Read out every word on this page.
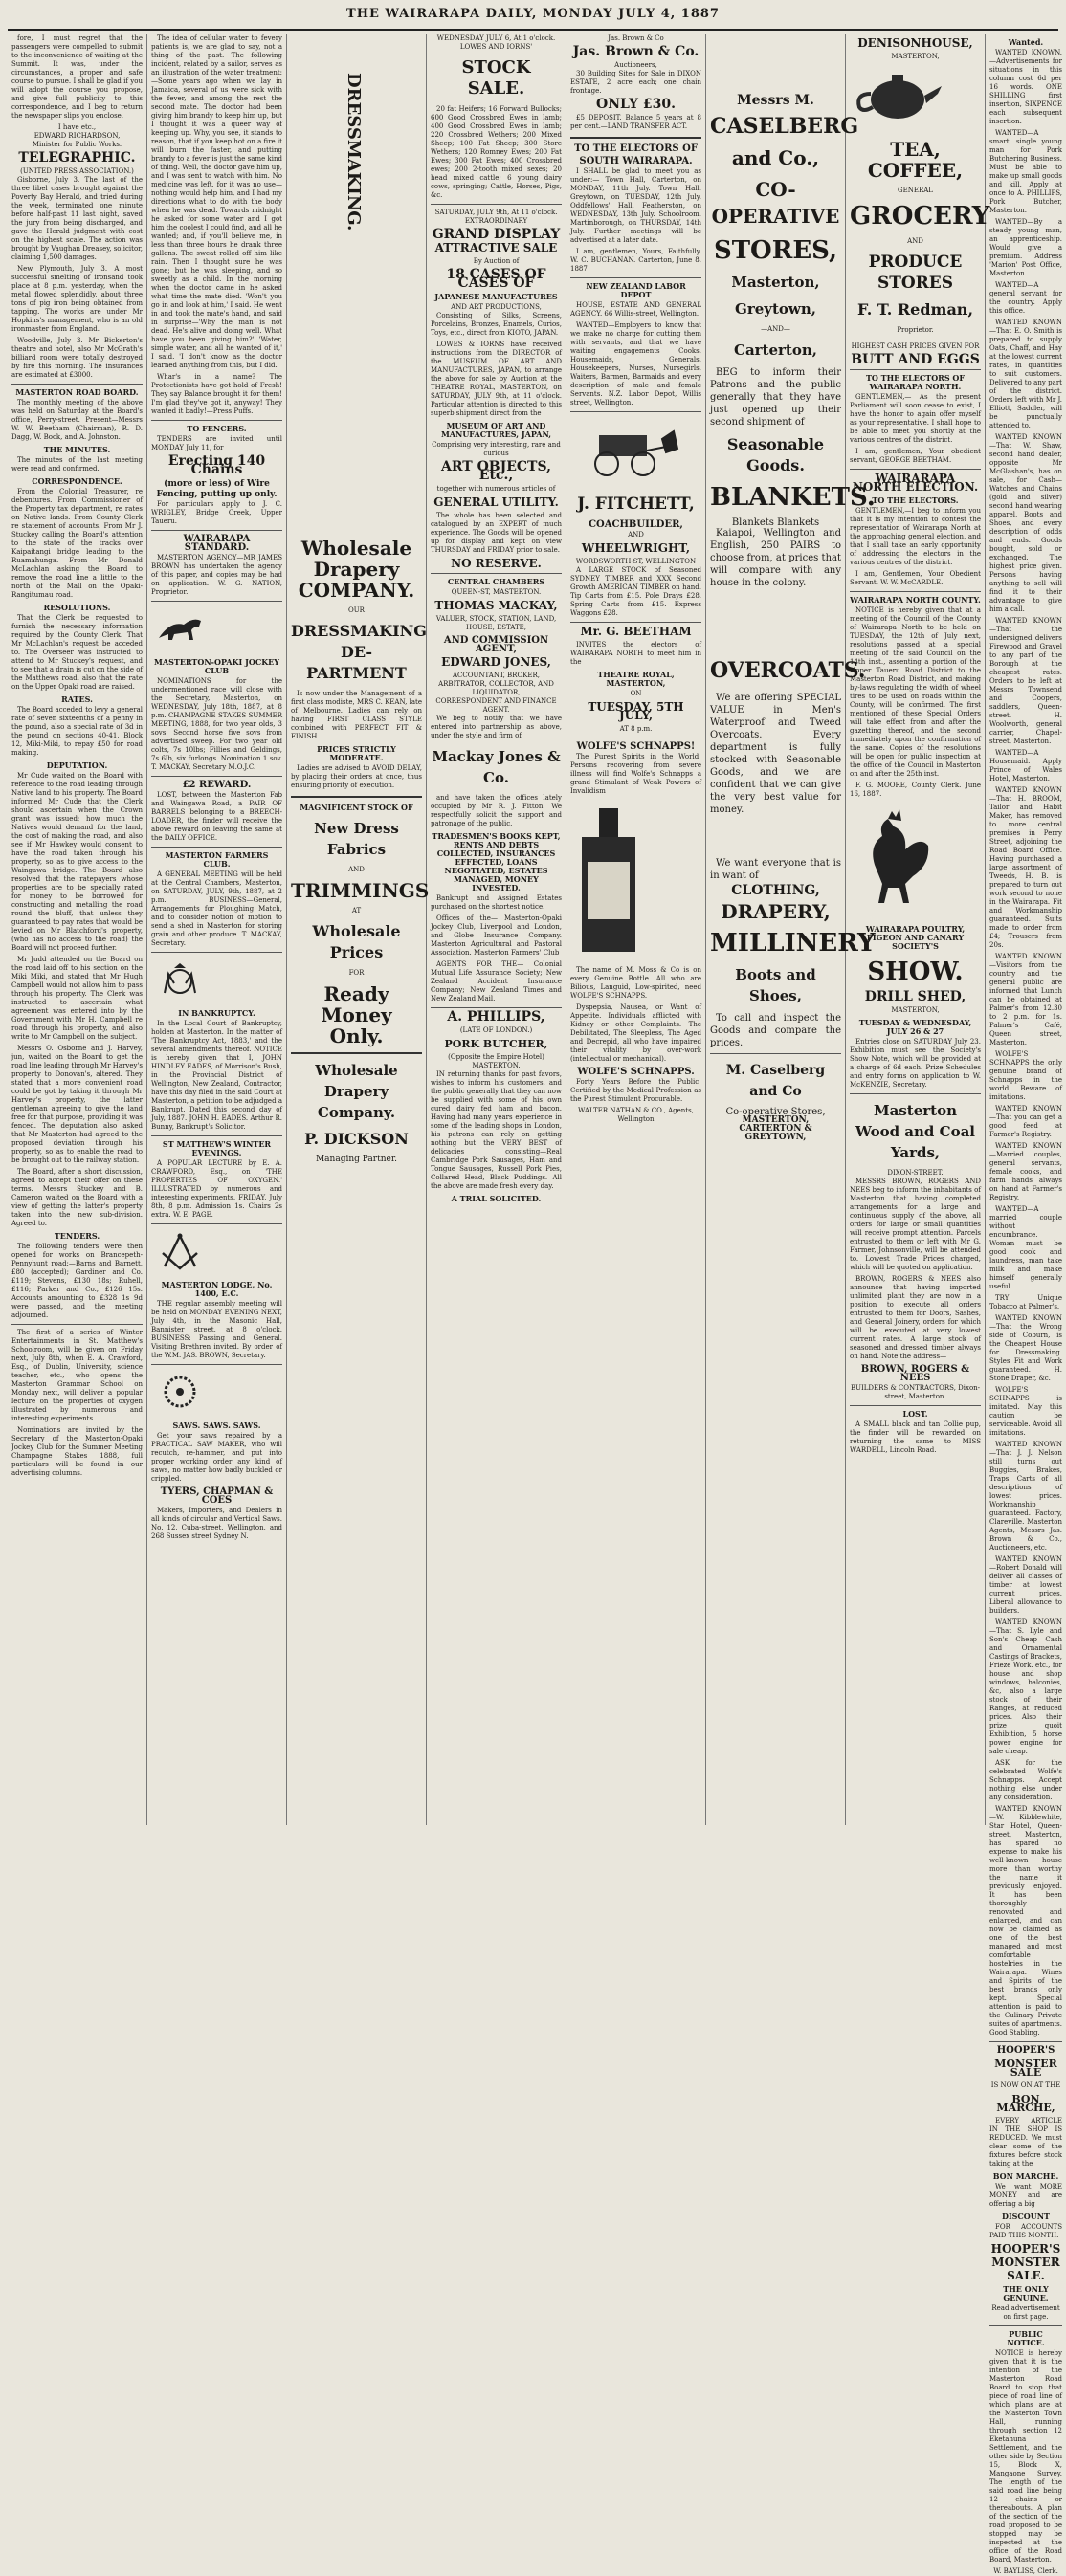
THE WAIRARAPA DAILY, MONDAY JULY 4, 1887

fore, I must regret that the passengers were compelled to submit to the inconvenience of waiting at the Summit. It was, under the circumstances, a proper and safe course to pursue. I shall be glad if you will adopt the course you propose, and give full publicity to this correspondence, and I beg to return the newspaper slips you enclose.

I have etc.,
EDWARD RICHARDSON,
Minister for Public Works.
TELEGRAPHIC.
(UNITED PRESS ASSOCIATION.)

Gisborne, July 3. The last of the three libel cases brought against the Poverty Bay Herald, and tried during the week, terminated one minute before half-past 11 last night, saved the jury from being discharged, and gave the Herald judgment with cost on the highest scale. The action was brought by Vaughan Dreasey, solicitor, claiming 1,500 damages.

New Plymouth, July 3. A most successful smelting of ironsand took place at 8 p.m. yesterday, when the metal flowed splendidly, about three tons of pig iron being obtained from tapping. The works are under Mr Hopkins's management, who is an old ironmaster from England.

Woodville, July 3. Mr Bickerton's theatre and hotel, also Mr McGrath's billiard room were totally destroyed by fire this morning. The insurances are estimated at £3000.

MASTERTON ROAD BOARD.

The monthly meeting of the above was held on Saturday at the Board's office, Perry-street. Present—Messrs W. W. Beetham (Chairman), R. D. Dagg, W. Bock, and A. Johnston.

THE MINUTES.

The minutes of the last meeting were read and confirmed.

CORRESPONDENCE.

From the Colonial Treasurer, re debentures. From Commissioner of the Property tax department, re rates on Native lands. From County Clerk re statement of accounts. From Mr J. Stuckey calling the Board's attention to the state of the tracks over Kaipaitangi bridge leading to the Ruamahunga. From Mr Donald McLachlan asking the Board to remove the road line a little to the north of the Mall on the Opaki-Rangitumau road.

RESOLUTIONS.

That the Clerk be requested to furnish the necessary information required by the County Clerk. That Mr McLachlan's request be acceded to. The Overseer was instructed to attend to Mr Stuckey's request, and to see that a drain is cut on the side of the Matthews road, also that the rate on the Upper Opaki road are raised.

RATES.

The Board acceded to levy a general rate of seven sixteenths of a penny in the pound, also a special rate of 3d in the pound on sections 40-41, Block 12, Miki-Miki, to repay £50 for road making.

DEPUTATION.

Mr Cude waited on the Board with reference to the road leading through Native land to his property. The Board informed Mr Cude that the Clerk should ascertain when the Crown grant was issued; how much the Natives would demand for the land, the cost of making the road, and also see if Mr Hawkey would consent to have the road taken through his property, so as to give access to the Waingawa bridge. The Board also resolved that the ratepayers whose properties are to be specially rated for money to be borrowed for constructing and metalling the road round the bluff, that unless they guaranteed to pay rates that would be levied on Mr Blatchford's property, (who has no access to the road) the Board will not proceed further.

Mr Judd attended on the Board on the road laid off to his section on the Miki Miki, and stated that Mr Hugh Campbell would not allow him to pass through his property. The Clerk was instructed to ascertain what agreement was entered into by the Government with Mr H. Campbell re road through his property, and also write to Mr Campbell on the subject.

Messrs O. Osborne and J. Harvey, jun, waited on the Board to get the road line leading through Mr Harvey's property to Donovan's, altered. They stated that a more convenient road could be got by taking it through Mr Harvey's property, the latter gentleman agreeing to give the land free for that purpose, providing it was fenced. The deputation also asked that Mr Masterton had agreed to the proposed deviation through his property, so as to enable the road to be brought out to the railway station.

The Board, after a short discussion, agreed to accept their offer on these terms. Messrs Stuckey and B. Cameron waited on the Board with a view of getting the latter's property taken into the new sub-division. Agreed to.

TENDERS.

The following tenders were then opened for works on Brancepeth-Pennyhunt road:—Barns and Barnett, £80 (accepted); Gardiner and Co. £119; Stevens, £130 18s; Ruhell, £116; Parker and Co., £126 15s. Accounts amounting to £328 1s 9d were passed, and the meeting adjourned.

The first of a series of Winter Entertainments in St. Matthew's Schoolroom, will be given on Friday next, July 8th, when E. A. Crawford, Esq., of Dublin, University, science teacher, etc., who opens the Masterton Grammar School on Monday next, will deliver a popular lecture on the properties of oxygen illustrated by numerous and interesting experiments.

Nominations are invited by the Secretary of the Masterton-Opaki Jockey Club for the Summer Meeting Champagne Stakes 1888, full particulars will be found in our advertising columns.

The idea of cellular water to fevery patients is, we are glad to say, not a thing of the past. The following incident, related by a sailor, serves as an illustration of the water treatment:—Some years ago when we lay in Jamaica, several of us were sick with the fever, and among the rest the second mate. The doctor had been giving him brandy to keep him up, but I thought it was a queer way of keeping up. Why, you see, it stands to reason, that if you keep hot on a fire it will burn the faster, and putting brandy to a fever is just the same kind of thing. Well, the doctor gave him up, and I was sent to watch with him. No medicine was left, for it was no use—nothing would help him, and I had my directions what to do with the body when he was dead. Towards midnight he asked for some water and I got him the coolest I could find, and all he wanted; and, if you'll believe me, in less than three hours he drank three gallons. The sweat rolled off him like rain. Then I thought sure he was gone; but he was sleeping, and so sweetly as a child. In the morning when the doctor came in he asked what time the mate died. 'Won't you go in and look at him,' I said. He went in and took the mate's hand, and said in surprise—'Why the man is not dead. He's alive and doing well. What have you been giving him?' 'Water, simple water, and all he wanted of it,' I said. 'I don't know as the doctor learned anything from this, but I did.'

Whar's in a name? The Protectionists have got hold of Fresh! They say Balance brought it for them! I'm glad they've got it, anyway! They wanted it badly!—Press Puffs.

TO FENCERS.

TENDERS are invited until MONDAY July 11, for

Erecting 140 Chains
(more or less) of Wire Fencing, putting up only.

For particulars apply to J. C. WRIGLEY, Bridge Creek, Upper Taueru.

WAIRARAPA STANDARD.

MASTERTON AGENCY—MR JAMES BROWN has undertaken the agency of this paper, and copies may be had on application. W. G. NATION, Proprietor.

MASTERTON-OPAKI JOCKEY CLUB

NOMINATIONS for the undermentioned race will close with the Secretary, Masterton, on WEDNESDAY, July 18th, 1887, at 8 p.m. CHAMPAGNE STAKES SUMMER MEETING, 1888, for two year olds, 3 sovs. Second horse five sovs from advertised sweep. For two year old colts, 7s 10lbs; Fillies and Geldings, 7s 6lb, six furlongs. Nomination 1 sov. T. MACKAY, Secretary M.O.J.C.

£2 REWARD.

LOST, between the Masterton Fab and Waingawa Road, a PAIR OF BARRELS belonging to a BREECH-LOADER, the finder will receive the above reward on leaving the same at the DAILY OFFICE.

MASTERTON FARMERS CLUB.

A GENERAL MEETING will be held at the Central Chambers, Masterton, on SATURDAY, JULY, 9th, 1887, at 2 p.m. BUSINESS—General, Arrangements for Ploughing Match, and to consider notion of motion to send a shed in Masterton for storing grain and other produce. T. MACKAY, Secretary.

IN BANKRUPTCY.

In the Local Court of Bankruptcy, holden at Masterton. In the matter of 'The Bankruptcy Act, 1883,' and the several amendments thereof. NOTICE is hereby given that I, JOHN HINDLEY EADES, of Morrison's Bush, in the Provincial District of Wellington, New Zealand, Contractor, have this day filed in the said Court at Masterton, a petition to be adjudged a Bankrupt. Dated this second day of July, 1887. JOHN H. EADES. Arthur R. Bunny, Bankrupt's Solicitor.

ST MATTHEW'S WINTER EVENINGS.

A POPULAR LECTURE by E. A. CRAWFORD, Esq., on 'THE PROPERTIES OF OXYGEN.' ILLUSTRATED by numerous and interesting experiments. FRIDAY, July 8th, 8 p.m. Admission 1s. Chairs 2s extra. W. E. PAGE.

MASTERTON LODGE, No. 1400, E.C.

THE regular assembly meeting will be held on MONDAY EVENING NEXT, July 4th, in the Masonic Hall, Bannister street, at 8 o'clock. BUSINESS: Passing and General. Visiting Brethren invited. By order of the W.M. JAS. BROWN, Secretary.

SAWS. SAWS. SAWS.

Get your saws repaired by a PRACTICAL SAW MAKER, who will recutch, re-hammer, and put into proper working order any kind of saws, no matter how badly buckled or crippled.

TYERS, CHAPMAN & COES

Makers, Importers, and Dealers in all kinds of circular and Vertical Saws. No. 12, Cuba-street, Wellington, and 268 Sussex street Sydney N.

DRESSMAKING.
Wholesale Drapery COMPANY.
OUR
DRESSMAKING DE-PARTMENT

Is now under the Management of a first class modiste, MRS C. KEAN, late of Melbourne. Ladies can rely on having FIRST CLASS STYLE combined with PERFECT FIT & FINISH

PRICES STRICTLY MODERATE.

Ladies are advised to AVOID DELAY, by placing their orders at once, thus ensuring priority of execution.

MAGNIFICENT STOCK OF
New Dress Fabrics
AND
TRIMMINGS
AT
Wholesale Prices
FOR
Ready Money Only.
Wholesale Drapery Company.
P. DICKSON
Managing Partner.
WEDNESDAY JULY 6, At 1 o'clock.
LOWES AND IORNS'
STOCK SALE.

20 fat Heifers; 16 Forward Bullocks; 600 Good Crossbred Ewes in lamb; 400 Good Crossbred Ewes in lamb; 220 Crossbred Wethers; 200 Mixed Sheep; 100 Fat Sheep; 300 Store Wethers; 120 Romney Ewes; 200 Fat Ewes; 300 Fat Ewes; 400 Crossbred ewes; 200 2-tooth mixed sexes; 20 head mixed cattle; 6 young dairy cows, springing; Cattle, Horses, Pigs, &c.

SATURDAY, JULY 9th, At 11 o'clock.
EXTRAORDINARY
GRAND DISPLAY
ATTRACTIVE SALE
By Auction of
18 CASES OF CASES OF
JAPANESE MANUFACTURES
AND ART PRODUCTIONS,

Consisting of Silks, Screens, Porcelains, Bronzes, Enamels, Curios, Toys, etc., direct from KIOTO, JAPAN.

LOWES & IORNS have received instructions from the DIRECTOR of the MUSEUM OF ART AND MANUFACTURES, JAPAN, to arrange the above for sale by Auction at the THEATRE ROYAL, MASTERTON, on SATURDAY, JULY 9th, at 11 o'clock. Particular attention is directed to this superb shipment direct from the

MUSEUM OF ART AND MANUFACTURES, JAPAN,
Comprising very interesting, rare and curious
ART OBJECTS, Etc.,
together with numerous articles of
GENERAL UTILITY.

The whole has been selected and catalogued by an EXPERT of much experience. The Goods will be opened up for display and kept on view THURSDAY and FRIDAY prior to sale.

NO RESERVE.
CENTRAL CHAMBERS
QUEEN-ST, MASTERTON.
THOMAS MACKAY,
VALUER, STOCK, STATION, LAND, HOUSE, ESTATE,
AND COMMISSION AGENT,
EDWARD JONES,
ACCOUNTANT, BROKER, ARBITRATOR, COLLECTOR, AND LIQUIDATOR,
CORRESPONDENT AND FINANCE AGENT.

We beg to notify that we have entered into partnership as above, under the style and firm of

Mackay Jones & Co.

and have taken the offices lately occupied by Mr R. J. Fitton. We respectfully solicit the support and patronage of the public.

TRADESMEN'S BOOKS KEPT, RENTS AND DEBTS COLLECTED, INSURANCES EFFECTED, LOANS NEGOTIATED, ESTATES MANAGED, MONEY INVESTED.

Bankrupt and Assigned Estates purchased on the shortest notice.

Offices of the— Masterton-Opaki Jockey Club, Liverpool and London, and Globe Insurance Company. Masterton Agricultural and Pastoral Association. Masterton Farmers' Club

AGENTS FOR THE— Colonial Mutual Life Assurance Society; New Zealand Accident Insurance Company; New Zealand Times and New Zealand Mail.

A. PHILLIPS,
(LATE OF LONDON.)
PORK BUTCHER,
(Opposite the Empire Hotel)
MASTERTON.

IN returning thanks for past favors, wishes to inform his customers, and the public generally that they can now be supplied with some of his own cured dairy fed ham and bacon. Having had many years experience in some of the leading shops in London, his patrons can rely on getting nothing but the VERY BEST of delicacies consisting—Real Cambridge Pork Sausages, Ham and Tongue Sausages, Russell Pork Pies, Collared Head, Black Puddings. All the above are made fresh every day.

A TRIAL SOLICITED.
Jas. Brown & Co
Jas. Brown & Co.
Auctioneers,

30 Building Sites for Sale in DIXON ESTATE, 2 acre each; one chain frontage.

ONLY £30.

£5 DEPOSIT. Balance 5 years at 8 per cent.—LAND TRANSFER ACT.

TO THE ELECTORS OF
SOUTH WAIRARAPA.

I SHALL be glad to meet you as under:— Town Hall, Carterton, on MONDAY, 11th July. Town Hall, Greytown, on TUESDAY, 12th July. Oddfellows' Hall, Featherston, on WEDNESDAY, 13th July. Schoolroom, Martinborough, on THURSDAY, 14th July. Further meetings will be advertised at a later date.

I am, gentlemen, Yours, Faithfully, W. C. BUCHANAN. Carterton, June 8, 1887

NEW ZEALAND LABOR DEPOT

HOUSE, ESTATE AND GENERAL AGENCY. 66 Willis-street, Wellington.

WANTED—Employers to know that we make no charge for cutting them with servants, and that we have waiting engagements Cooks, Housemaids, Generals, Housekeepers, Nurses, Nursegirls, Waiters, Barmen, Barmaids and every description of male and female Servants. N.Z. Labor Depot, Willis street, Wellington.

J. FITCHETT,
COACHBUILDER,
AND
WHEELWRIGHT,
WORDSWORTH-ST, WELLINGTON

A LARGE STOCK of Seasoned SYDNEY TIMBER and XXX Second Growth AMERICAN TIMBER on hand. Tip Carts from £15. Pole Drays £28. Spring Carts from £15. Express Waggons £28.

Mr. G. BEETHAM

INVITES the electors of WAIRARAPA NORTH to meet him in the

THEATRE ROYAL, MASTERTON,
ON
TUESDAY, 5TH JULY,
AT 8 p.m.
WOLFE'S SCHNAPPS!

The Purest Spirits in the World! Persons recovering from severe illness will find Wolfe's Schnapps a grand Stimulant of Weak Powers of Invalidism

The name of M. Moss & Co is on every Genuine Bottle. All who are Bilious, Languid, Low-spirited, need WOLFE'S SCHNAPPS.

Dyspepsia, Nausea, or Want of Appetite. Individuals afflicted with Kidney or other Complaints. The Debilitated, The Sleepless, The Aged and Decrepid, all who have impaired their vitality by over-work (intellectual or mechanical).

WOLFE'S SCHNAPPS.

Forty Years Before the Public! Certified by the Medical Profession as the Purest Stimulant Procurable.

WALTER NATHAN & CO., Agents, Wellington
Messrs M.
CASELBERG
and Co.,
CO-OPERATIVE
STORES,
Masterton,
Greytown,
—AND—
Carterton,

BEG to inform their Patrons and the public generally that they have just opened up their second shipment of

Seasonable Goods.
BLANKETS.
Blankets Blankets

Kaiapoi, Wellington and English, 250 PAIRS to choose from, at prices that will compare with any house in the colony.

OVERCOATS.

We are offering SPECIAL VALUE in Men's Waterproof and Tweed Overcoats. Every department is fully stocked with Seasonable Goods, and we are confident that we can give the very best value for money.

We want everyone that is in want of

CLOTHING,
DRAPERY,
MILLINERY
Boots and Shoes,

To call and inspect the Goods and compare the prices.

M. Caselberg and Co
Co-operative Stores,
MASTERTON, CARTERTON & GREYTOWN,
DENISONHOUSE,
MASTERTON,
TEA, COFFEE,
GENERAL
GROCERY
AND
PRODUCE STORES
F. T. Redman,
Proprietor.
HIGHEST CASH PRICES GIVEN FOR
BUTT AND EGGS
TO THE ELECTORS OF WAIRARAPA NORTH.

GENTLEMEN,— As the present Parliament will soon cease to exist, I have the honor to again offer myself as your representative. I shall hope to be able to meet you shortly at the various centres of the district.

I am, gentlemen, Your obedient servant, GEORGE BEETHAM.

WAIRARAPA NORTH ELECTION.
TO THE ELECTORS.

GENTLEMEN,—I beg to inform you that it is my intention to contest the representation of Wairarapa North at the approaching general election, and that I shall take an early opportunity of addressing the electors in the various centres of the district.

I am, Gentlemen, Your Obedient Servant, W. W. McCARDLE.

WAIRARAPA NORTH COUNTY.

NOTICE is hereby given that at a meeting of the Council of the County of Wairarapa North to be held on TUESDAY, the 12th of July next, resolutions passed at a special meeting of the said Council on the 14th inst., assenting a portion of the Upper Taueru Road District to the Masterton Road District, and making by-laws regulating the width of wheel tires to be used on roads within the County, will be confirmed. The first mentioned of these Special Orders will take effect from and after the gazetting thereof, and the second immediately upon the confirmation of the same. Copies of the resolutions will be open for public inspection at the office of the Council in Masterton on and after the 25th inst.

F. G. MOORE, County Clerk. June 16, 1887.

WAIRARAPA POULTRY, PIGEON AND CANARY SOCIETY'S
SHOW.
DRILL SHED,
MASTERTON,
TUESDAY & WEDNESDAY, JULY 26 & 27

Entries close on SATURDAY July 23. Exhibition must see the Society's Show Note, which will be provided at a charge of 6d each. Prize Schedules and entry forms on application to W. McKENZIE, Secretary.

Masterton Wood and Coal Yards,
DIXON-STREET.

MESSRS BROWN, ROGERS AND NEES beg to inform the inhabitants of Masterton that having completed arrangements for a large and continuous supply of the above, all orders for large or small quantities will receive prompt attention. Parcels entrusted to them or left with Mr G. Farmer, Johnsonville, will be attended to. Lowest Trade Prices charged, which will be quoted on application.

BROWN, ROGERS & NEES also announce that having imported unlimited plant they are now in a position to execute all orders entrusted to them for Doors, Sashes, and General Joinery, orders for which will be executed at very lowest current rates. A large stock of seasoned and dressed timber always on hand. Note the address—

BROWN, ROGERS & NEES
BUILDERS & CONTRACTORS, Dixon-street, Masterton.
LOST.

A SMALL black and tan Collie pup, the finder will be rewarded on returning the same to MISS WARDELL, Lincoln Road.

Wanted.

WANTED KNOWN.—Advertisements for situations in this column cost 6d per 16 words. ONE SHILLING first insertion, SIXPENCE each subsequent insertion.

WANTED—A smart, single young man for Pork Butchering Business. Must be able to make up small goods and kill. Apply at once to A. PHILLIPS, Pork Butcher, Masterton.

WANTED—By a steady young man, an apprenticeship. Would give a premium. Address 'Marion' Post Office, Masterton.

WANTED—A general servant for the country. Apply this office.

WANTED KNOWN—That E. O. Smith is prepared to supply Oats, Chaff, and Hay at the lowest current rates, in quantities to suit customers. Delivered to any part of the district. Orders left with Mr J. Elliott, Saddler, will be punctually attended to.

WANTED KNOWN—That W. Shaw, second hand dealer, opposite Mr McGlashan's, has on sale, for Cash—Watches and Chains (gold and silver) second hand wearing apparel, Boots and Shoes, and every description of odds and ends. Goods bought, sold or exchanged. The highest price given. Persons having anything to sell will find it to their advantage to give him a call.

WANTED KNOWN—That the undersigned delivers Firewood and Gravel to any part of the Borough at the cheapest rates. Orders to be left at Messrs Townsend and Coopers, saddlers, Queen-street. H. Woolworth, general carrier, Chapel-street, Masterton.

WANTED—A Housemaid. Apply Prince of Wales Hotel, Masterton.

WANTED KNOWN—That H. BROOM, Tailor and Habit Maker, has removed to more central premises in Perry Street, adjoining the Road Board Office. Having purchased a large assortment of Tweeds, H. B. is prepared to turn out work second to none in the Wairarapa. Fit and Workmanship guaranteed. Suits made to order from £4; Trousers from 20s.

WANTED KNOWN—Visitors from the country and the general public are informed that Lunch can be obtained at Palmer's from 12.30 to 2 p.m. for 1s. Palmer's Café, Queen street, Masterton.

WOLFE'S SCHNAPPS the only genuine brand of Schnapps in the world. Beware of imitations.

WANTED KNOWN—That you can get a good feed at Farmer's Registry.

WANTED KNOWN—Married couples, general servants, female cooks, and farm hands always on hand at Farmer's Registry.

WANTED—A married couple without encumbrance. Woman must be good cook and laundress, man take milk and make himself generally useful.

TRY Unique Tobacco at Palmer's.

WANTED KNOWN—That the Wrong side of Coburn, is the Cheapest House for Dressmaking. Styles Fit and Work guaranteed. H. Stone Draper, &c.

WOLFE'S SCHNAPPS is imitated. May this caution be serviceable. Avoid all imitations.

WANTED KNOWN—That J. J. Nelson still turns out Buggies, Brakes, Traps. Carts of all descriptions of lowest prices. Workmanship guaranteed. Factory, Clareville. Masterton Agents, Messrs Jas. Brown & Co., Auctioneers, etc.

WANTED KNOWN—Robert Donald will deliver all classes of timber at lowest current prices. Liberal allowance to builders.

WANTED KNOWN—That S. Lyle and Son's Cheap Cash and Ornamental Castings of Brackets, Frieze Work. etc., for house and shop windows, balconies, &c, also a large stock of their Ranges, at reduced prices. Also their prize quoit Exhibition, 5 horse power engine for sale cheap.

ASK for the celebrated Wolfe's Schnapps. Accept nothing else under any consideration.

WANTED KNOWN—W. Kibblewhite, Star Hotel, Queen-street, Masterton, has spared no expense to make his well-known house more than worthy the name it previously enjoyed. It has been thoroughly renovated and enlarged, and can now be claimed as one of the best managed and most comfortable hostelries in the Wairarapa. Wines and Spirits of the best brands only kept. Special attention is paid to the Culinary Private suites of apartments. Good Stabling.

HOOPER'S
MONSTER SALE
IS NOW ON AT THE
BON MARCHE,

EVERY ARTICLE IN THE SHOP IS REDUCED. We must clear some of the fixtures before stock taking at the

BON MARCHE.

We want MORE MONEY and are offering a big

DISCOUNT

FOR ACCOUNTS PAID THIS MONTH.

HOOPER'S
MONSTER
SALE.
THE ONLY GENUINE.
Read advertisement on first page.
PUBLIC NOTICE.

NOTICE is hereby given that it is the intention of the Masterton Road Board to stop that piece of road line of which plans are at the Masterton Town Hall, running through section 12 Eketahuna Settlement, and the other side by Section 15, Block X, Mangaone Survey. The length of the said road line being 12 chains or thereabouts. A plan of the section of the road proposed to be stopped may be inspected at the office of the Road Board, Masterton.

W. BAYLISS, Clerk.
